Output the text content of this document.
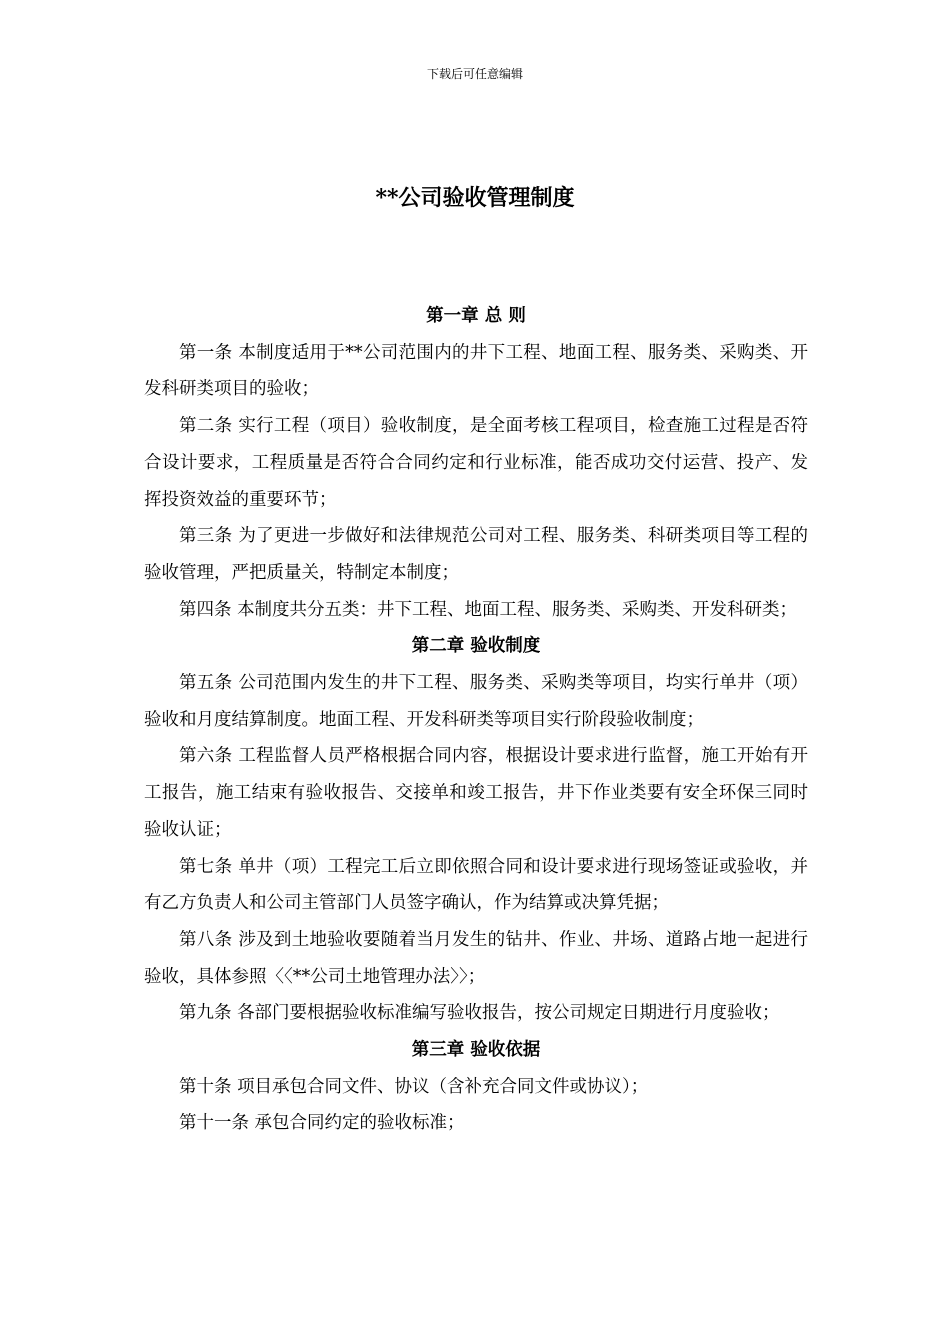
下载后可任意编辑
**公司验收管理制度

第一章 总 则

第一条 本制度适用于**公司范围内的井下工程、地面工程、服务类、采购类、开发科研类项目的验收；

第二条 实行工程（项目）验收制度，是全面考核工程项目，检查施工过程是否符合设计要求，工程质量是否符合合同约定和行业标准，能否成功交付运营、投产、发挥投资效益的重要环节；

第三条 为了更进一步做好和法律规范公司对工程、服务类、科研类项目等工程的验收管理，严把质量关，特制定本制度；

第四条 本制度共分五类：井下工程、地面工程、服务类、采购类、开发科研类；

第二章 验收制度

第五条 公司范围内发生的井下工程、服务类、采购类等项目，均实行单井（项）验收和月度结算制度。地面工程、开发科研类等项目实行阶段验收制度；

第六条 工程监督人员严格根据合同内容，根据设计要求进行监督，施工开始有开工报告，施工结束有验收报告、交接单和竣工报告，井下作业类要有安全环保三同时验收认证；

第七条 单井（项）工程完工后立即依照合同和设计要求进行现场签证或验收，并有乙方负责人和公司主管部门人员签字确认，作为结算或决算凭据；

第八条 涉及到土地验收要随着当月发生的钻井、作业、井场、道路占地一起进行验收，具体参照〈〈**公司土地管理办法〉〉；

第九条 各部门要根据验收标准编写验收报告，按公司规定日期进行月度验收；

第三章 验收依据

第十条 项目承包合同文件、协议（含补充合同文件或协议）；

第十一条 承包合同约定的验收标准；
